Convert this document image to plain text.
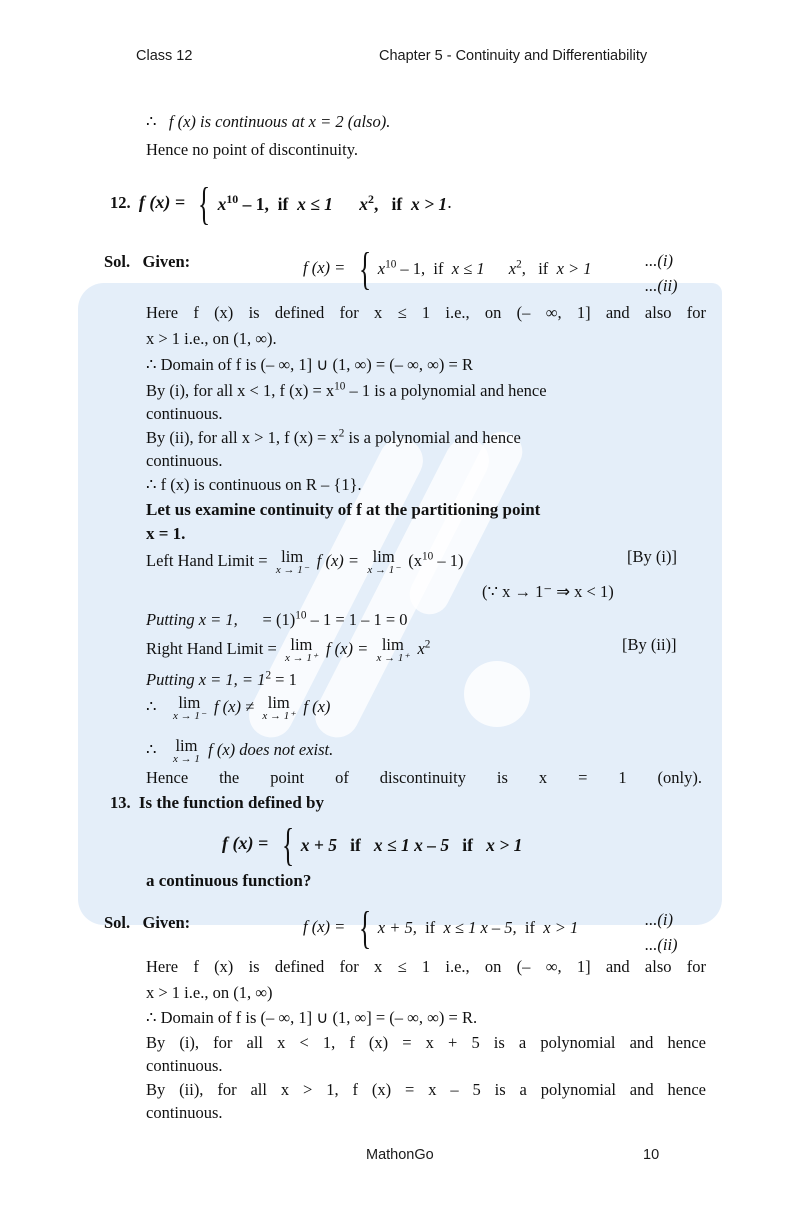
Class 12	Chapter 5 - Continuity and Differentiability
∴ f (x) is continuous at x = 2 (also).
Hence no point of discontinuity.
12. f (x) = { $x^{10} - 1$, if x ≤ 1 $x^2$, if x > 1.
Sol. Given:	f (x) = { $x^{10} - 1$, if x ≤ 1 $x^2$, if x > 1	...(i)
...(ii)
Here f (x) is defined for x ≤ 1 i.e., on (– ∞, 1] and also for
x > 1 i.e., on (1, ∞).
∴ Domain of f is (– ∞, 1] ∪ (1, ∞) = (– ∞, ∞) = R
By (i), for all x < 1, f $(x) = x^{10} - 1$ is a polynomial and hence
continuous.
By (ii), for all x > 1, f $(x) = x^2$ is a polynomial and hence
continuous.
∴ f (x) is continuous on R – {1}.
Let us examine continuity of f at the partitioning point
x = 1.
Left Hand Limit = lim
x → 1⁻ f (x) = lim
x → 1⁻ $(x^{10} - 1)$	[By (i)]
(∵ x → 1⁻ ⇒ x < 1)
Putting x = 1, = $(1)^{10} - 1 = 1 - 1 = 0$
Right Hand Limit = lim
x → 1⁺ f (x) = lim
x → 1⁺ $x^2$	[By (ii)]
Putting x = 1, = $1^2 = 1$
∴	lim
x → 1⁻ f (x) ≠ lim
x → 1⁺ f (x)
∴ lim
x → 1 f (x) does not exist.
Hence the point of discontinuity is x = 1 (only).
13. Is the function defined by
f (x) = { x + 5 if x ≤ 1 x – 5 if x > 1
a continuous function?
Sol. Given:	f (x) = { x + 5, if x ≤ 1 x – 5, if x > 1	...(i)
...(ii)
Here f (x) is defined for x ≤ 1 i.e., on (– ∞, 1] and also for
x > 1 i.e., on (1, ∞)
∴ Domain of f is (– ∞, 1] ∪ (1, ∞] = (– ∞, ∞) = R.
By (i), for all x < 1, f (x) = x + 5 is a polynomial and hence
continuous.
By (ii), for all x > 1, f (x) = x – 5 is a polynomial and hence
continuous.
MathonGo	10
